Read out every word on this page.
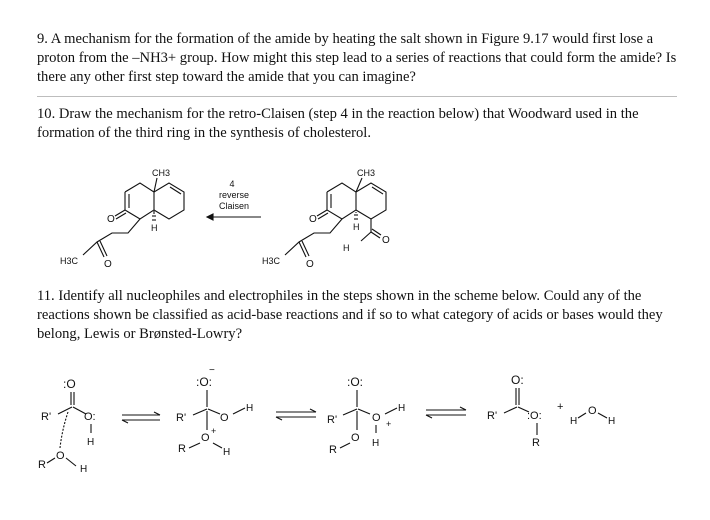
9. A mechanism for the formation of the amide by heating the salt shown in Figure 9.17 would first lose a proton from the –NH3+ group. How might this step lead to a series of reactions that could form the amide? Is there any other first step toward the amide that you can imagine?

10. Draw the mechanism for the retro-Claisen (step 4 in the reaction below) that Woodward used in the formation of the third ring in the synthesis of cholesterol.

11. Identify all nucleophiles and electrophiles in the steps shown in the scheme below. Could any of the reactions shown be classified as acid-base reactions and if so to what category of acids or bases would they belong, Lewis or Brønsted-Lowry?

O
CH3
H
O
H3C
4
reverse
Claisen
O
CH3
H
O
H
O
H3C
:O
R'	O:
H
R
O
H
:O:
−
R'	O
H
O
+
R	H
:O:
R'	O +
H
O
R
H
O:
R'	:O:
R
+
H
O
H
